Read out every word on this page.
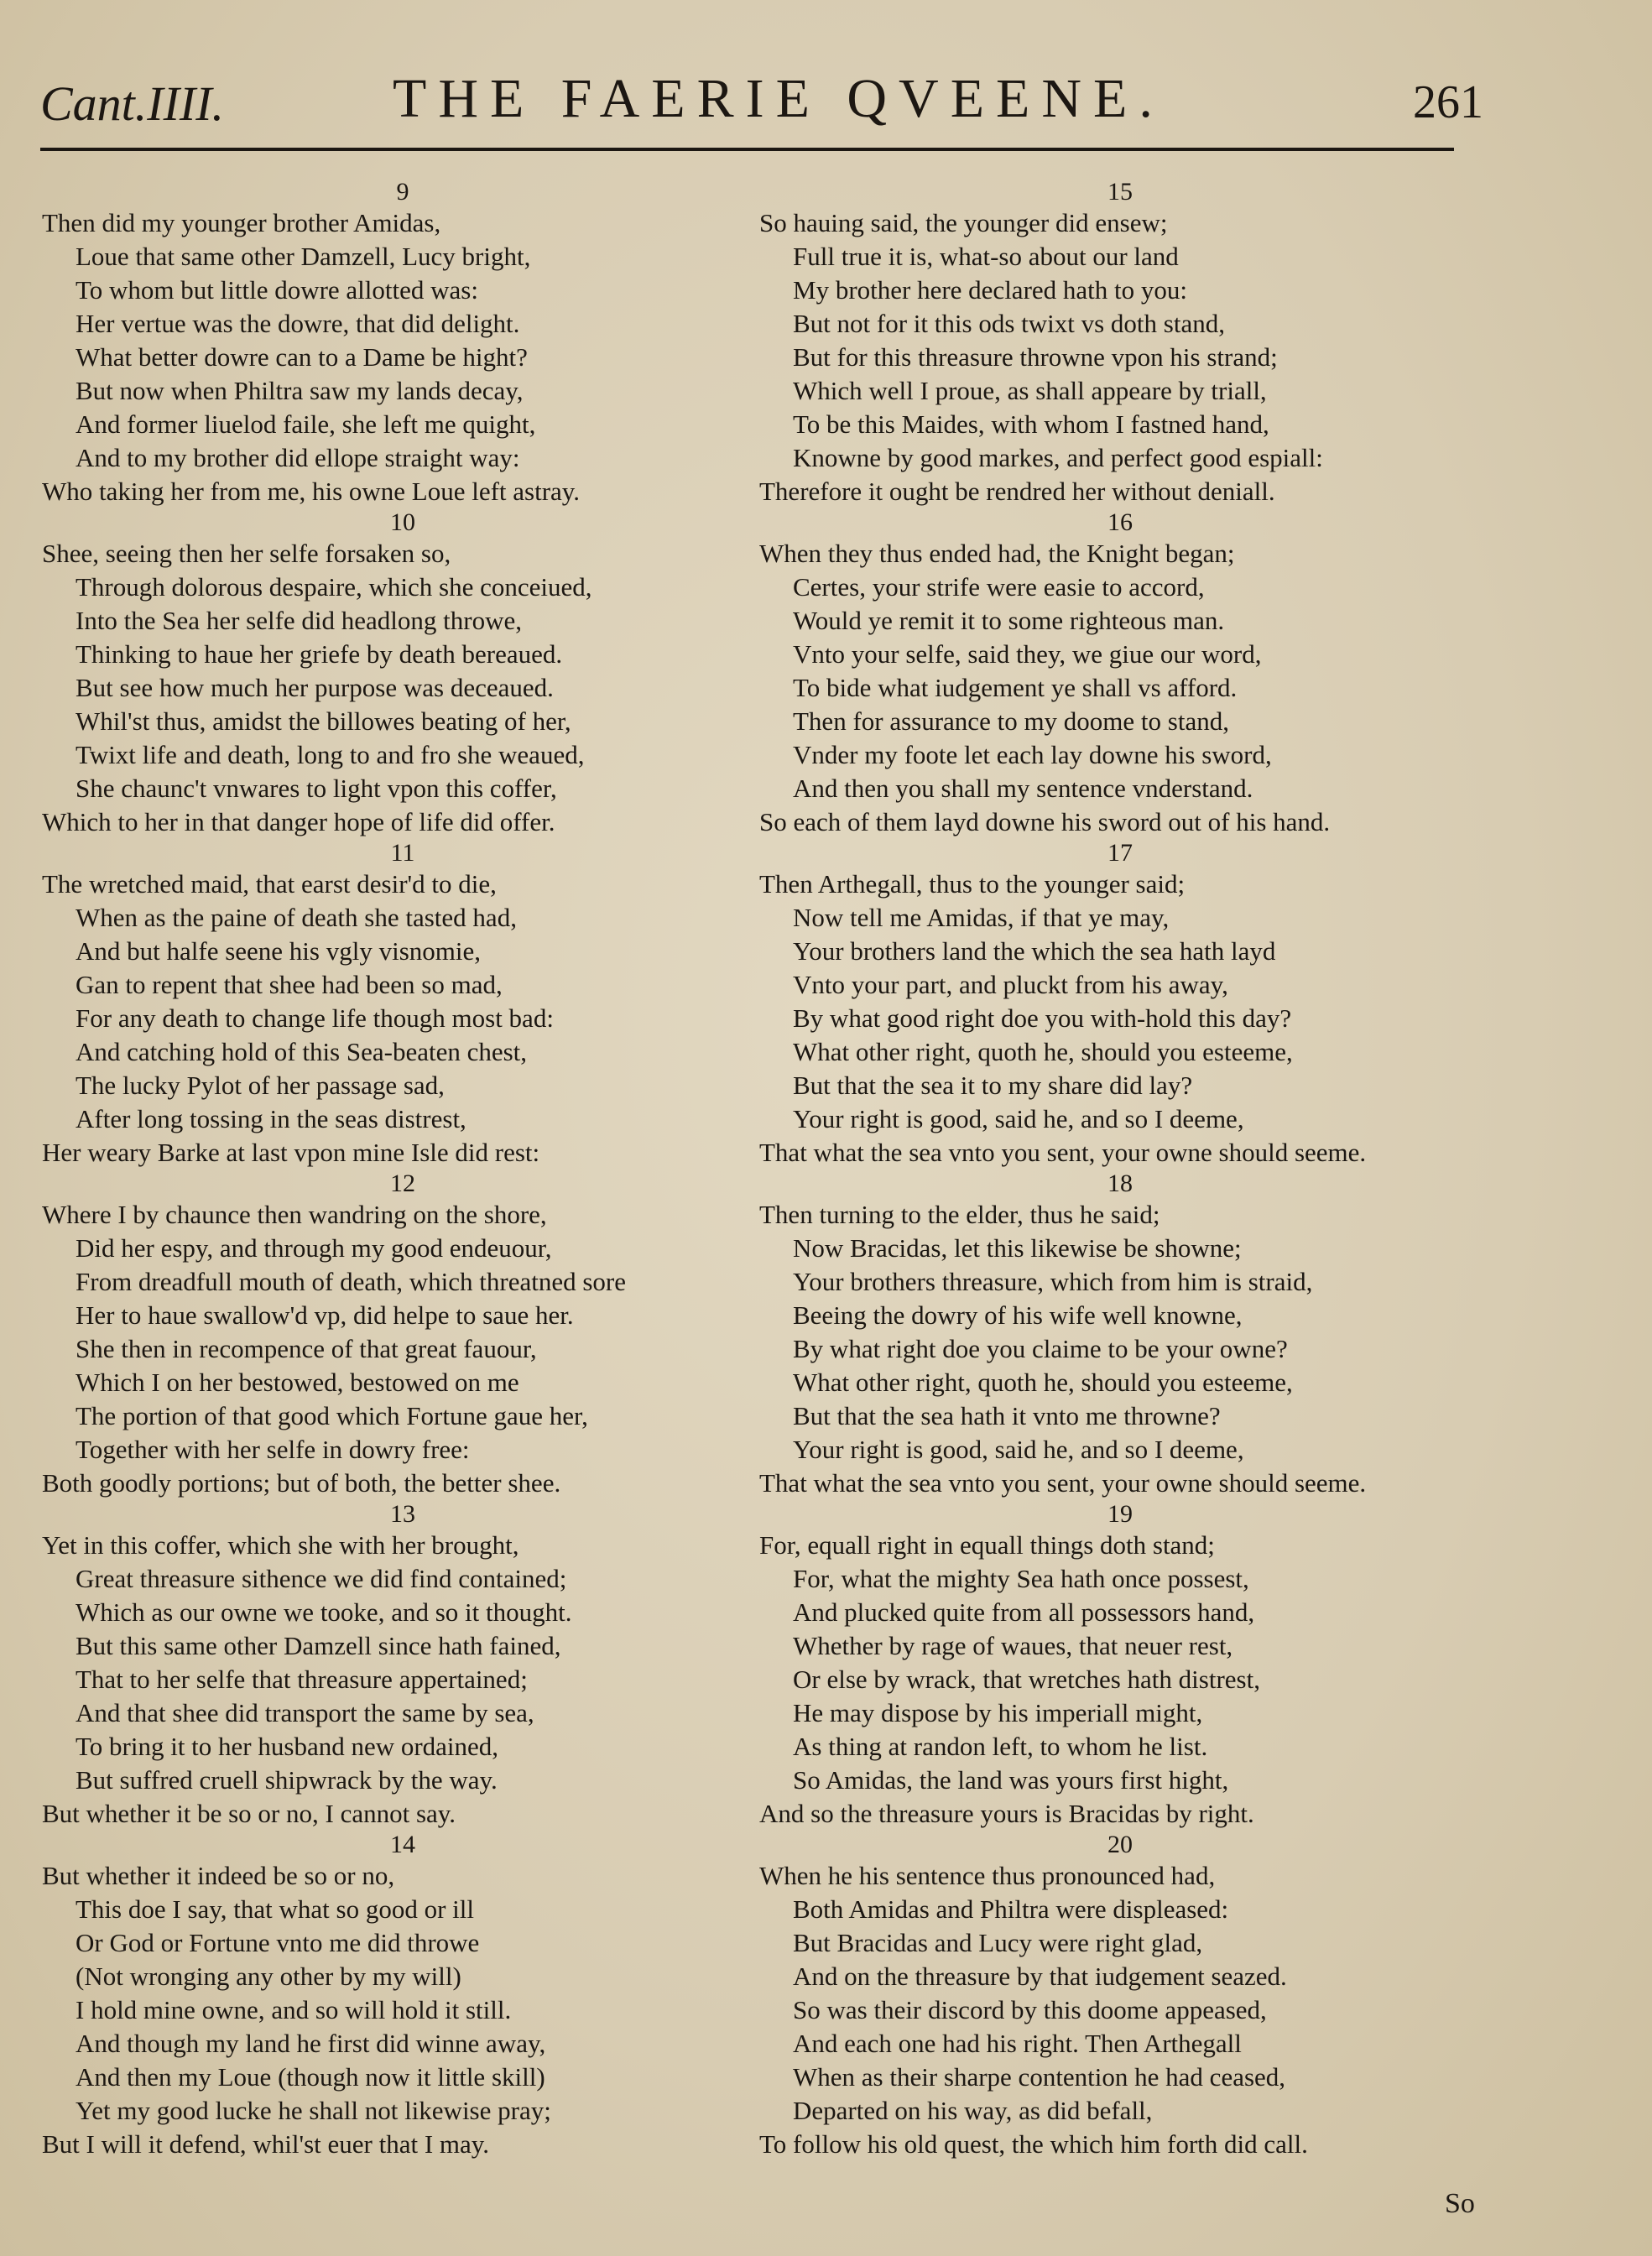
Cant.IIII.	THE FAERIE QVEENE.	261
9
Then did my younger brother Amidas,
Loue that same other Damzell, Lucy bright,
To whom but little dowre allotted was:
Her vertue was the dowre, that did delight.
What better dowre can to a Dame be hight?
But now when Philtra saw my lands decay,
And former liuelod faile, she left me quight,
And to my brother did ellope straight way:
Who taking her from me, his owne Loue left astray.
10
Shee, seeing then her selfe forsaken so,
Through dolorous despaire, which she conceiued,
Into the Sea her selfe did headlong throwe,
Thinking to haue her griefe by death bereaued.
But see how much her purpose was deceaued.
Whil'st thus, amidst the billowes beating of her,
Twixt life and death, long to and fro she weaued,
She chaunc't vnwares to light vpon this coffer,
Which to her in that danger hope of life did offer.
11
The wretched maid, that earst desir'd to die,
When as the paine of death she tasted had,
And but halfe seene his vgly visnomie,
Gan to repent that shee had been so mad,
For any death to change life though most bad:
And catching hold of this Sea-beaten chest,
The lucky Pylot of her passage sad,
After long tossing in the seas distrest,
Her weary Barke at last vpon mine Isle did rest:
12
Where I by chaunce then wandring on the shore,
Did her espy, and through my good endeuour,
From dreadfull mouth of death, which threatned sore
Her to haue swallow'd vp, did helpe to saue her.
She then in recompence of that great fauour,
Which I on her bestowed, bestowed on me
The portion of that good which Fortune gaue her,
Together with her selfe in dowry free:
Both goodly portions; but of both, the better shee.
13
Yet in this coffer, which she with her brought,
Great threasure sithence we did find contained;
Which as our owne we tooke, and so it thought.
But this same other Damzell since hath fained,
That to her selfe that threasure appertained;
And that shee did transport the same by sea,
To bring it to her husband new ordained,
But suffred cruell shipwrack by the way.
But whether it be so or no, I cannot say.
14
But whether it indeed be so or no,
This doe I say, that what so good or ill
Or God or Fortune vnto me did throwe
(Not wronging any other by my will)
I hold mine owne, and so will hold it still.
And though my land he first did winne away,
And then my Loue (though now it little skill)
Yet my good lucke he shall not likewise pray;
But I will it defend, whil'st euer that I may.
15
So hauing said, the younger did ensew;
Full true it is, what-so about our land
My brother here declared hath to you:
But not for it this ods twixt vs doth stand,
But for this threasure throwne vpon his strand;
Which well I proue, as shall appeare by triall,
To be this Maides, with whom I fastned hand,
Knowne by good markes, and perfect good espiall:
Therefore it ought be rendred her without deniall.
16
When they thus ended had, the Knight began;
Certes, your strife were easie to accord,
Would ye remit it to some righteous man.
Vnto your selfe, said they, we giue our word,
To bide what iudgement ye shall vs afford.
Then for assurance to my doome to stand,
Vnder my foote let each lay downe his sword,
And then you shall my sentence vnderstand.
So each of them layd downe his sword out of his hand.
17
Then Arthegall, thus to the younger said;
Now tell me Amidas, if that ye may,
Your brothers land the which the sea hath layd
Vnto your part, and pluckt from his away,
By what good right doe you with-hold this day?
What other right, quoth he, should you esteeme,
But that the sea it to my share did lay?
Your right is good, said he, and so I deeme,
That what the sea vnto you sent, your owne should seeme.
18
Then turning to the elder, thus he said;
Now Bracidas, let this likewise be showne;
Your brothers threasure, which from him is straid,
Beeing the dowry of his wife well knowne,
By what right doe you claime to be your owne?
What other right, quoth he, should you esteeme,
But that the sea hath it vnto me throwne?
Your right is good, said he, and so I deeme,
That what the sea vnto you sent, your owne should seeme.
19
For, equall right in equall things doth stand;
For, what the mighty Sea hath once possest,
And plucked quite from all possessors hand,
Whether by rage of waues, that neuer rest,
Or else by wrack, that wretches hath distrest,
He may dispose by his imperiall might,
As thing at randon left, to whom he list.
So Amidas, the land was yours first hight,
And so the threasure yours is Bracidas by right.
20
When he his sentence thus pronounced had,
Both Amidas and Philtra were displeased:
But Bracidas and Lucy were right glad,
And on the threasure by that iudgement seazed.
So was their discord by this doome appeased,
And each one had his right. Then Arthegall
When as their sharpe contention he had ceased,
Departed on his way, as did befall,
To follow his old quest, the which him forth did call.
So
